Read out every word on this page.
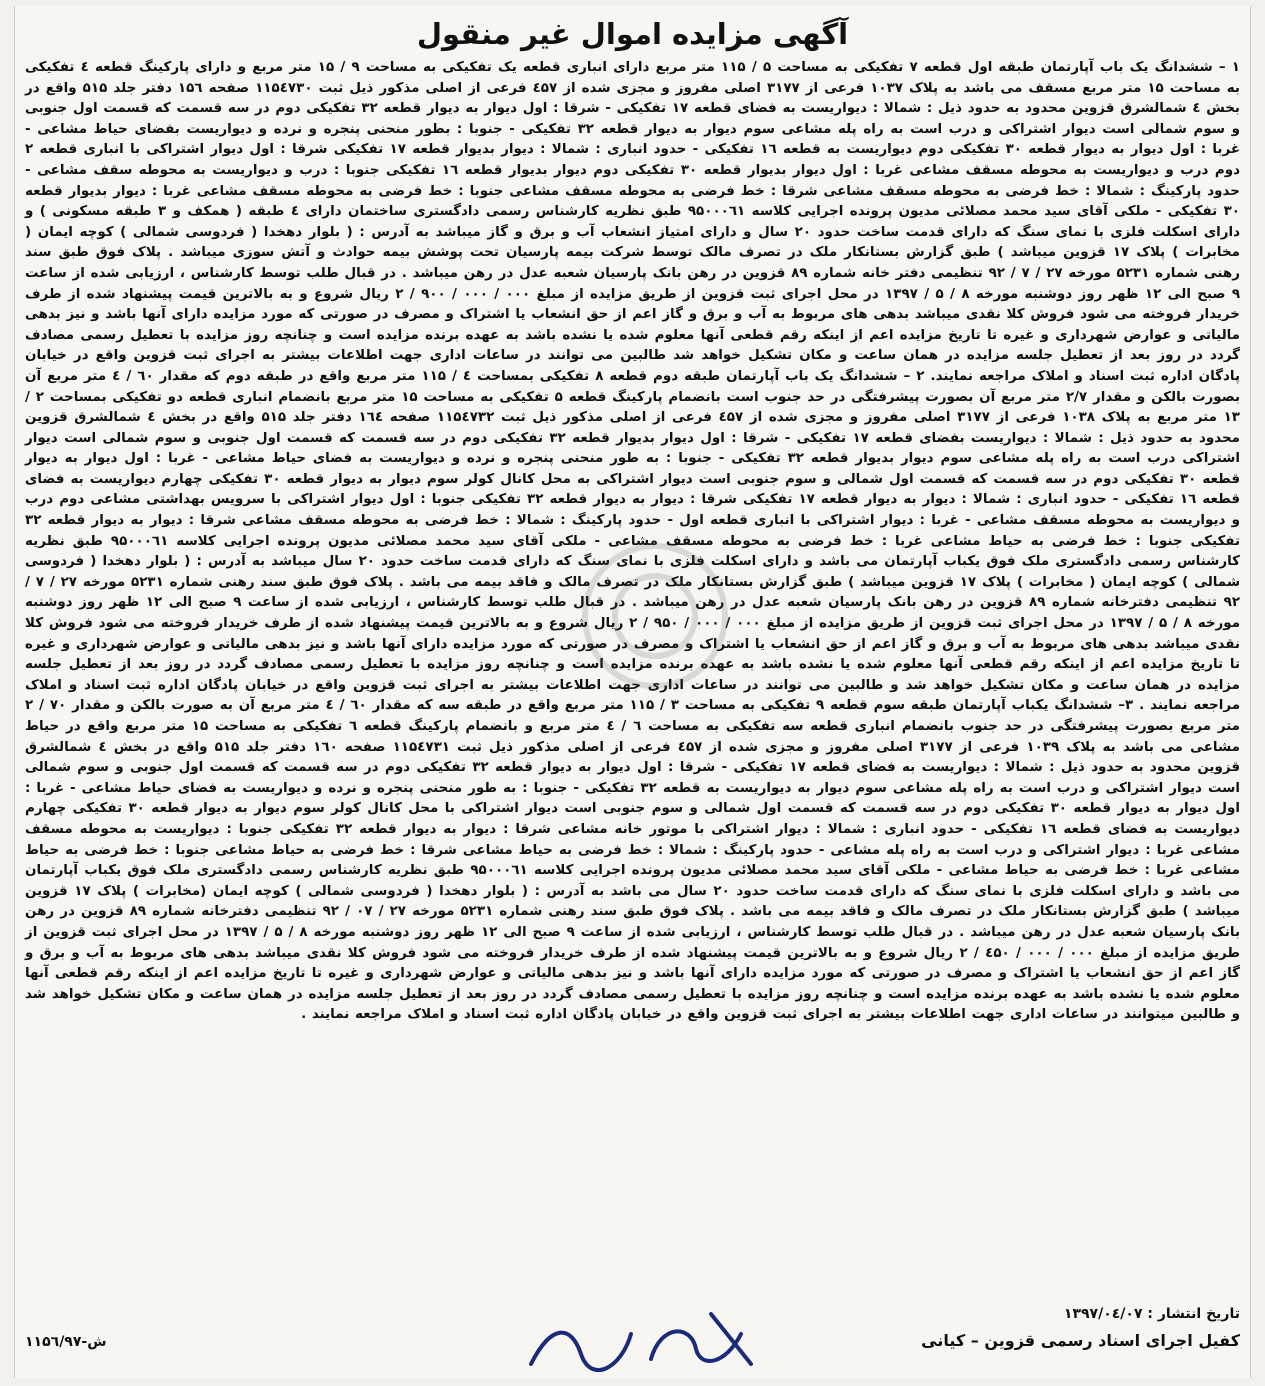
آگهی مزایده اموال غیر منقول

۱ – ششدانگ یک باب آپارتمان طبقه اول قطعه ۷ تفکیکی به مساحت ۵ / ۱۱۵ متر مربع دارای انباری قطعه یک تفکیکی به مساحت ۹ / ۱۵ متر مربع و دارای پارکینگ قطعه ٤ تفکیکی به مساحت ۱۵ متر مربع مسقف می باشد به پلاک ۱۰۳۷ فرعی از ۳۱۷۷ اصلی مفروز و مجزی شده از ٤۵۷ فرعی از اصلی مذکور ذیل ثبت ۱۱۵٤۷۳۰ صفحه ۱۵٦ دفتر جلد ۵۱۵ واقع در بخش ٤ شمالشرق قزوین محدود به حدود ذیل : شمالا : دیواریست به فضای قطعه ۱۷ تفکیکی - شرقا : اول دیوار به دیوار قطعه ۳۲ تفکیکی دوم در سه قسمت که قسمت اول جنوبی و سوم شمالی است دیوار اشتراکی و درب است به راه پله مشاعی سوم دیوار به دیوار قطعه ۳۲ تفکیکی - جنوبا : بطور منحنی پنجره و نرده و دیواریست بفضای حیاط مشاعی - غربا : اول دیوار به دیوار قطعه ۳۰ تفکیکی دوم دیواریست به قطعه ۱٦ تفکیکی - حدود انباری : شمالا : دیوار بدیوار قطعه ۱۷ تفکیکی شرقا : اول دیوار اشتراکی با انباری قطعه ۲ دوم درب و دیواریست به محوطه مسقف مشاعی غربا : اول دیوار بدیوار قطعه ۳۰ تفکیکی دوم دیوار بدیوار قطعه ۱٦ تفکیکی جنوبا : درب و دیواریست به محوطه سقف مشاعی - حدود پارکینگ : شمالا : خط فرضی به محوطه مسقف مشاعی شرقا : خط فرضی به محوطه مسقف مشاعی جنوبا : خط فرضی به محوطه مسقف مشاعی غربا : دیوار بدیوار قطعه ۳۰ تفکیکی - ملکی آقای سید محمد مصلائی مدیون پرونده اجرایی کلاسه ۹۵۰۰۰٦۱ طبق نظریه کارشناس رسمی دادگستری ساختمان دارای ٤ طبقه ( همکف و ۳ طبقه مسکونی ) و دارای اسکلت فلزی با نمای سنگ که دارای قدمت ساخت حدود ۲۰ سال و دارای امتیاز انشعاب آب و برق و گاز میباشد به آدرس : ( بلوار دهخدا ( فردوسی شمالی ) کوچه ایمان ( مخابرات ) پلاک ۱۷ قزوین میباشد ) طبق گزارش بستانکار ملک در تصرف مالک توسط شرکت بیمه پارسیان تحت پوشش بیمه حوادث و آتش سوزی میباشد . پلاک فوق طبق سند رهنی شماره ۵۲۳۱ مورخه ۲۷ / ۷ / ۹۲ تنظیمی دفتر خانه شماره ۸۹ قزوین در رهن بانک پارسیان شعبه عدل در رهن میباشد . در قبال طلب توسط کارشناس ، ارزیابی شده از ساعت ۹ صبح الی ۱۲ ظهر روز دوشنبه مورخه ۸ / ۵ / ۱۳۹۷ در محل اجرای ثبت قزوین از طریق مزایده از مبلغ ۰۰۰ / ۰۰۰ / ۹۰۰ / ۲ ریال شروع و به بالاترین قیمت پیشنهاد شده از طرف خریدار فروخته می شود فروش کلا نقدی میباشد بدهی های مربوط به آب و برق و گاز اعم از حق انشعاب یا اشتراک و مصرف در صورتی که مورد مزایده دارای آنها باشد و نیز بدهی مالیاتی و عوارض شهرداری و غیره تا تاریخ مزایده اعم از اینکه رقم قطعی آنها معلوم شده یا نشده باشد به عهده برنده مزایده است و چنانچه روز مزایده با تعطیل رسمی مصادف گردد در روز بعد از تعطیل جلسه مزایده در همان ساعت و مکان تشکیل خواهد شد طالبین می توانند در ساعات اداری جهت اطلاعات بیشتر به اجرای ثبت قزوین واقع در خیابان پادگان اداره ثبت اسناد و املاک مراجعه نمایند. ۲ – ششدانگ یک باب آپارتمان طبقه دوم قطعه ۸ تفکیکی بمساحت ٤ / ۱۱۵ متر مربع واقع در طبقه دوم که مقدار ٦۰ / ٤ متر مربع آن بصورت بالکن و مقدار ۲/۷ متر مربع آن بصورت پیشرفتگی در حد جنوب است بانضمام پارکینگ قطعه ۵ تفکیکی به مساحت ۱۵ متر مربع بانضمام انباری قطعه دو تفکیکی بمساحت ۲ / ۱۳ متر مربع به پلاک ۱۰۳۸ فرعی از ۳۱۷۷ اصلی مفروز و مجزی شده از ٤۵۷ فرعی از اصلی مذکور ذیل ثبت ۱۱۵٤۷۳۲ صفحه ۱٦٤ دفتر جلد ۵۱۵ واقع در بخش ٤ شمالشرق قزوین محدود به حدود ذیل : شمالا : دیواریست بفضای قطعه ۱۷ تفکیکی - شرقا : اول دیوار بدیوار قطعه ۳۲ تفکیکی دوم در سه قسمت که قسمت اول جنوبی و سوم شمالی است دیوار اشتراکی درب است به راه پله مشاعی سوم دیوار بدیوار قطعه ۳۲ تفکیکی - جنوبا : به طور منحنی پنجره و نرده و دیواریست به فضای حیاط مشاعی - غربا : اول دیوار به دیوار قطعه ۳۰ تفکیکی دوم در سه قسمت که قسمت اول شمالی و سوم جنوبی است دیوار اشتراکی به محل کانال کولر سوم دیوار به دیوار قطعه ۳۰ تفکیکی چهارم دیواریست به فضای قطعه ۱٦ تفکیکی - حدود انباری : شمالا : دیوار به دیوار قطعه ۱۷ تفکیکی شرقا : دیوار به دیوار قطعه ۳۲ تفکیکی جنوبا : اول دیوار اشتراکی با سرویس بهداشتی مشاعی دوم درب و دیواریست به محوطه مسقف مشاعی - غربا : دیوار اشتراکی با انباری قطعه اول - حدود پارکینگ : شمالا : خط فرضی به محوطه مسقف مشاعی شرقا : دیوار به دیوار قطعه ۳۲ تفکیکی جنوبا : خط فرضی به حیاط مشاعی غربا : خط فرضی به محوطه مسقف مشاعی - ملکی آقای سید محمد مصلائی مدیون پرونده اجرایی کلاسه ۹۵۰۰۰٦۱ طبق نظریه کارشناس رسمی دادگستری ملک فوق یکباب آپارتمان می باشد و دارای اسکلت فلزی با نمای سنگ که دارای قدمت ساخت حدود ۲۰ سال میباشد به آدرس : ( بلوار دهخدا ( فردوسی شمالی ) کوچه ایمان ( مخابرات ) پلاک ۱۷ قزوین میباشد ) طبق گزارش بستانکار ملک در تصرف مالک و فاقد بیمه می باشد . پلاک فوق طبق سند رهنی شماره ۵۲۳۱ مورخه ۲۷ / ۷ / ۹۲ تنظیمی دفترخانه شماره ۸۹ قزوین در رهن بانک پارسیان شعبه عدل در رهن میباشد . در قبال طلب توسط کارشناس ، ارزیابی شده از ساعت ۹ صبح الی ۱۲ ظهر روز دوشنبه مورخه ۸ / ۵ / ۱۳۹۷ در محل اجرای ثبت قزوین از طریق مزایده از مبلغ ۰۰۰ / ۰۰۰ / ۹۵۰ / ۲ ریال شروع و به بالاترین قیمت پیشنهاد شده از طرف خریدار فروخته می شود فروش کلا نقدی میباشد بدهی های مربوط به آب و برق و گاز اعم از حق انشعاب یا اشتراک و مصرف در صورتی که مورد مزایده دارای آنها باشد و نیز بدهی مالیاتی و عوارض شهرداری و غیره تا تاریخ مزایده اعم از اینکه رقم قطعی آنها معلوم شده یا نشده باشد به عهده برنده مزایده است و چنانچه روز مزایده با تعطیل رسمی مصادف گردد در روز بعد از تعطیل جلسه مزایده در همان ساعت و مکان تشکیل خواهد شد و طالبین می توانند در ساعات اداری جهت اطلاعات بیشتر به اجرای ثبت قزوین واقع در خیابان پادگان اداره ثبت اسناد و املاک مراجعه نمایند . ۳– ششدانگ یکباب آپارتمان طبقه سوم قطعه ۹ تفکیکی به مساحت ۳ / ۱۱۵ متر مربع واقع در طبقه سه که مقدار ٦۰ / ٤ متر مربع آن به صورت بالکن و مقدار ۷۰ / ۲ متر مربع بصورت پیشرفتگی در حد جنوب بانضمام انباری قطعه سه تفکیکی به مساحت ٦ / ٤ متر مربع و بانضمام پارکینگ قطعه ٦ تفکیکی به مساحت ۱۵ متر مربع واقع در حیاط مشاعی می باشد به پلاک ۱۰۳۹ فرعی از ۳۱۷۷ اصلی مفروز و مجزی شده از ٤۵۷ فرعی از اصلی مذکور ذیل ثبت ۱۱۵٤۷۳۱ صفحه ۱٦۰ دفتر جلد ۵۱۵ واقع در بخش ٤ شمالشرق قزوین محدود به حدود ذیل : شمالا : دیواریست به فضای قطعه ۱۷ تفکیکی - شرقا : اول دیوار به دیوار قطعه ۳۲ تفکیکی دوم در سه قسمت که قسمت اول جنوبی و سوم شمالی است دیوار اشتراکی و درب است به راه پله مشاعی سوم دیوار به دیواریست به قطعه ۳۲ تفکیکی - جنوبا : به طور منحنی پنجره و نرده و دیواریست به فضای حیاط مشاعی - غربا : اول دیوار به دیوار قطعه ۳۰ تفکیکی دوم در سه قسمت که قسمت اول شمالی و سوم جنوبی است دیوار اشتراکی با محل کانال کولر سوم دیوار به دیوار قطعه ۳۰ تفکیکی چهارم دیواریست به فضای قطعه ۱٦ تفکیکی - حدود انباری : شمالا : دیوار اشتراکی با موتور خانه مشاعی شرقا : دیوار به دیوار قطعه ۳۲ تفکیکی جنوبا : دیواریست به محوطه مسقف مشاعی غربا : دیوار اشتراکی و درب است به راه پله مشاعی - حدود پارکینگ : شمالا : خط فرضی به حیاط مشاعی شرقا : خط فرضی به حیاط مشاعی جنوبا : خط فرضی به حیاط مشاعی غربا : خط فرضی به حیاط مشاعی - ملکی آقای سید محمد مصلائی مدیون پرونده اجرایی کلاسه ۹۵۰۰۰٦۱ طبق نظریه کارشناس رسمی دادگستری ملک فوق یکباب آپارتمان می باشد و دارای اسکلت فلزی با نمای سنگ که دارای قدمت ساخت حدود ۲۰ سال می باشد به آدرس : ( بلوار دهخدا ( فردوسی شمالی ) کوچه ایمان (مخابرات ) پلاک ۱۷ قزوین میباشد ) طبق گزارش بستانکار ملک در تصرف مالک و فاقد بیمه می باشد . پلاک فوق طبق سند رهنی شماره ۵۲۳۱ مورخه ۲۷ / ۰۷ / ۹۲ تنظیمی دفترخانه شماره ۸۹ قزوین در رهن بانک پارسیان شعبه عدل در رهن میباشد . در قبال طلب توسط کارشناس ، ارزیابی شده از ساعت ۹ صبح الی ۱۲ ظهر روز دوشنبه مورخه ۸ / ۵ / ۱۳۹۷ در محل اجرای ثبت قزوین از طریق مزایده از مبلغ ۰۰۰ / ۰۰۰ / ٤۵۰ / ۲ ریال شروع و به بالاترین قیمت پیشنهاد شده از طرف خریدار فروخته می شود فروش کلا نقدی میباشد بدهی های مربوط به آب و برق و گاز اعم از حق انشعاب یا اشتراک و مصرف در صورتی که مورد مزایده دارای آنها باشد و نیز بدهی مالیاتی و عوارض شهرداری و غیره تا تاریخ مزایده اعم از اینکه رقم قطعی آنها معلوم شده یا نشده باشد به عهده برنده مزایده است و چنانچه روز مزایده با تعطیل رسمی مصادف گردد در روز بعد از تعطیل جلسه مزایده در همان ساعت و مکان تشکیل خواهد شد و طالبین میتوانند در ساعات اداری جهت اطلاعات بیشتر به اجرای ثبت قزوین واقع در خیابان پادگان اداره ثبت اسناد و املاک مراجعه نمایند .

تاریخ انتشار : ۱۳۹۷/۰٤/۰۷
کفیل اجرای اسناد رسمی قزوین – کیانی
۱۱۵٦/۹۷-ش
